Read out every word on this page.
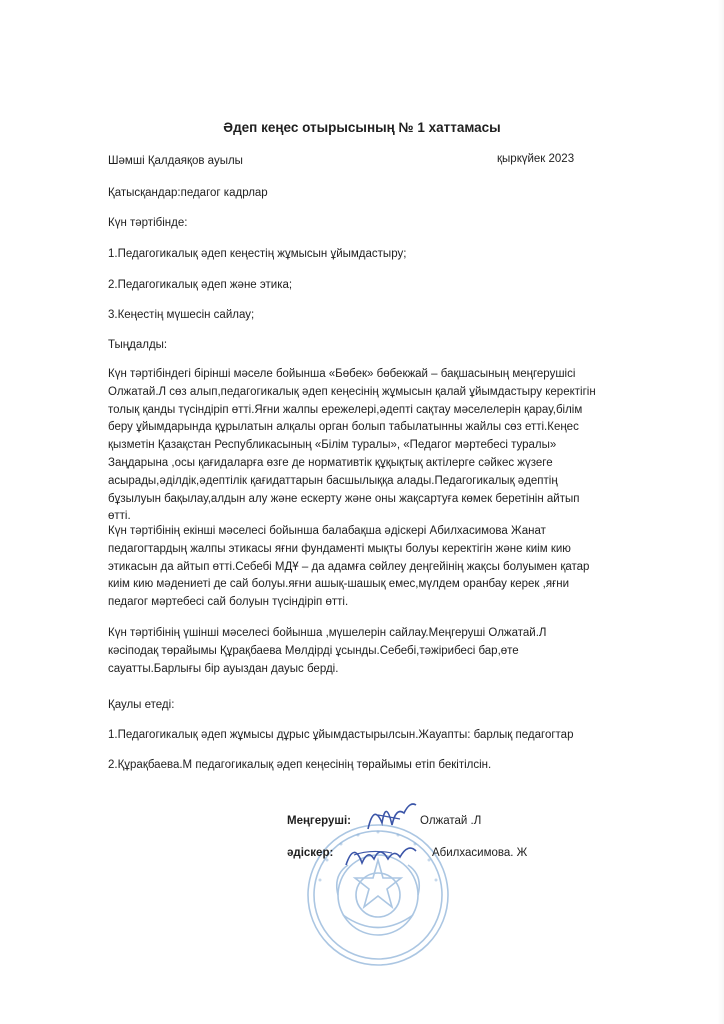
Әдеп кеңес отырысының № 1 хаттамасы
Шәмші Қалдаяқов ауылы	қыркүйек 2023
Қатысқандар:педагог кадрлар
Күн тәртібінде:
1.Педагогикалық әдеп кеңестің жұмысын ұйымдастыру;
2.Педагогикалық әдеп және этика;
3.Кеңестің мүшесін сайлау;
Тыңдалды:
Күн тәртібіндегі бірінші мәселе бойынша «Бөбек» бөбекжай – бақшасының меңгерушісі Олжатай.Л сөз алып,педагогикалық әдеп кеңесінің жұмысын қалай ұйымдастыру керектігін толық қанды түсіндіріп өтті.Яғни жалпы ережелері,әдепті сақтау мәселелерін қарау,білім беру ұйымдарында құрылатын алқалы орган болып табылатынны жайлы сөз етті.Кеңес қызметін Қазақстан Республикасының «Білім туралы», «Педагог мәртебесі туралы» Заңдарына ,осы қағидаларға өзге де нормативтік құқықтық актілерге сәйкес жүзеге асырады,әділдік,әдептілік қағидаттарын басшылыққа алады.Педагогикалық әдептің бұзылуын бақылау,алдын алу және ескерту және оны жақсартуға көмек беретінін айтып өтті.
Күн тәртібінің екінші мәселесі бойынша балабақша әдіскері Абилхасимова Жанат педагогтардың жалпы этикасы яғни фундаменті мықты болуы керектігін және киім кию этикасын да айтып өтті.Себебі МДҰ – да адамға сөйлеу деңгейінің жақсы болуымен қатар киім кию мәдениеті де сай болуы.яғни ашық-шашық емес,мүлдем оранбау керек ,яғни педагог мәртебесі сай болуын түсіндіріп өтті.
Күн тәртібінің үшінші мәселесі бойынша ,мүшелерін сайлау.Меңгеруші Олжатай.Л кәсіподақ төрайымы Құрақбаева Мөлдірді ұсынды.Себебі,тәжірибесі бар,өте сауатты.Барлығы бір ауыздан дауыс берді.
Қаулы етеді:
1.Педагогикалық әдеп жұмысы дұрыс ұйымдастырылсын.Жауапты: барлық педагогтар
2.Құрақбаева.М педагогикалық әдеп кеңесінің төрайымы етіп бекітілсін.
Меңгеруші:	Олжатай .Л
әдіскер:	Абилхасимова. Ж
